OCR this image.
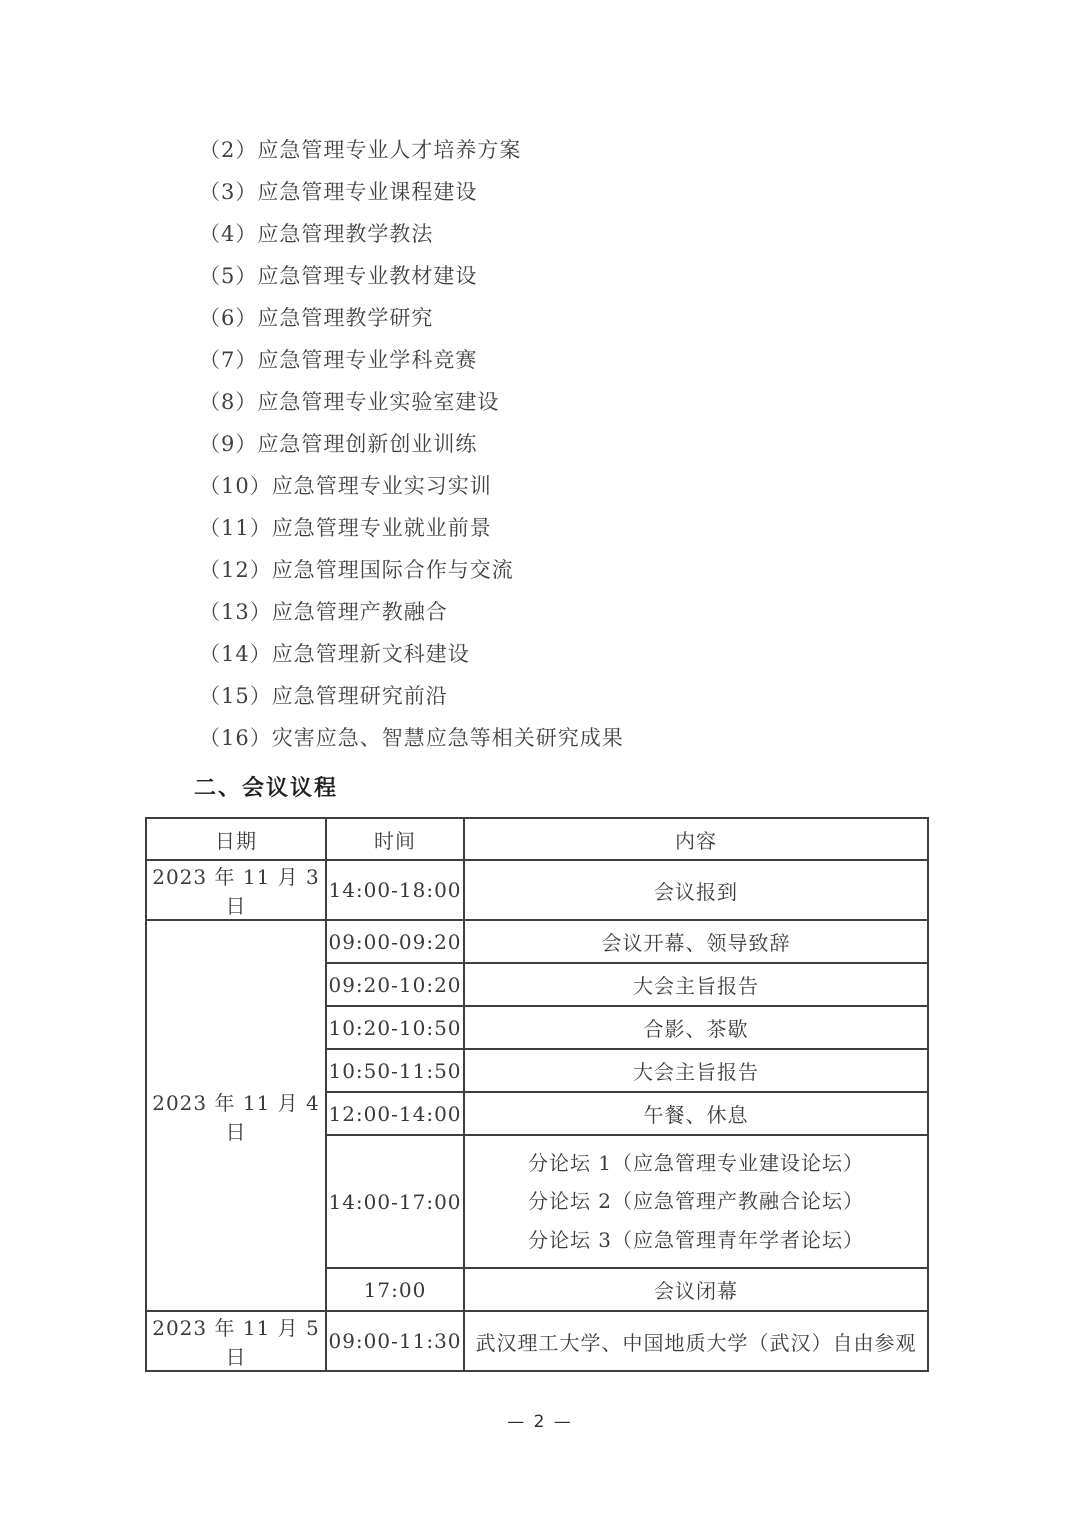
（2）应急管理专业人才培养方案

（3）应急管理专业课程建设

（4）应急管理教学教法

（5）应急管理专业教材建设

（6）应急管理教学研究

（7）应急管理专业学科竞赛

（8）应急管理专业实验室建设

（9）应急管理创新创业训练

（10）应急管理专业实习实训

（11）应急管理专业就业前景

（12）应急管理国际合作与交流

（13）应急管理产教融合

（14）应急管理新文科建设

（15）应急管理研究前沿

（16）灾害应急、智慧应急等相关研究成果

二、会议议程
日期	时间	内容
2023 年 11 月 3 日	14:00-18:00	会议报到
2023 年 11 月 4 日	09:00-09:20	会议开幕、领导致辞
	09:20-10:20	大会主旨报告
	10:20-10:50	合影、茶歇
	10:50-11:50	大会主旨报告
	12:00-14:00	午餐、休息
	14:00-17:00	分论坛 1（应急管理专业建设论坛）
分论坛 2（应急管理产教融合论坛）
分论坛 3（应急管理青年学者论坛）

	17:00	会议闭幕
2023 年 11 月 5 日	09:00-11:30	武汉理工大学、中国地质大学（武汉）自由参观
— 2 —
